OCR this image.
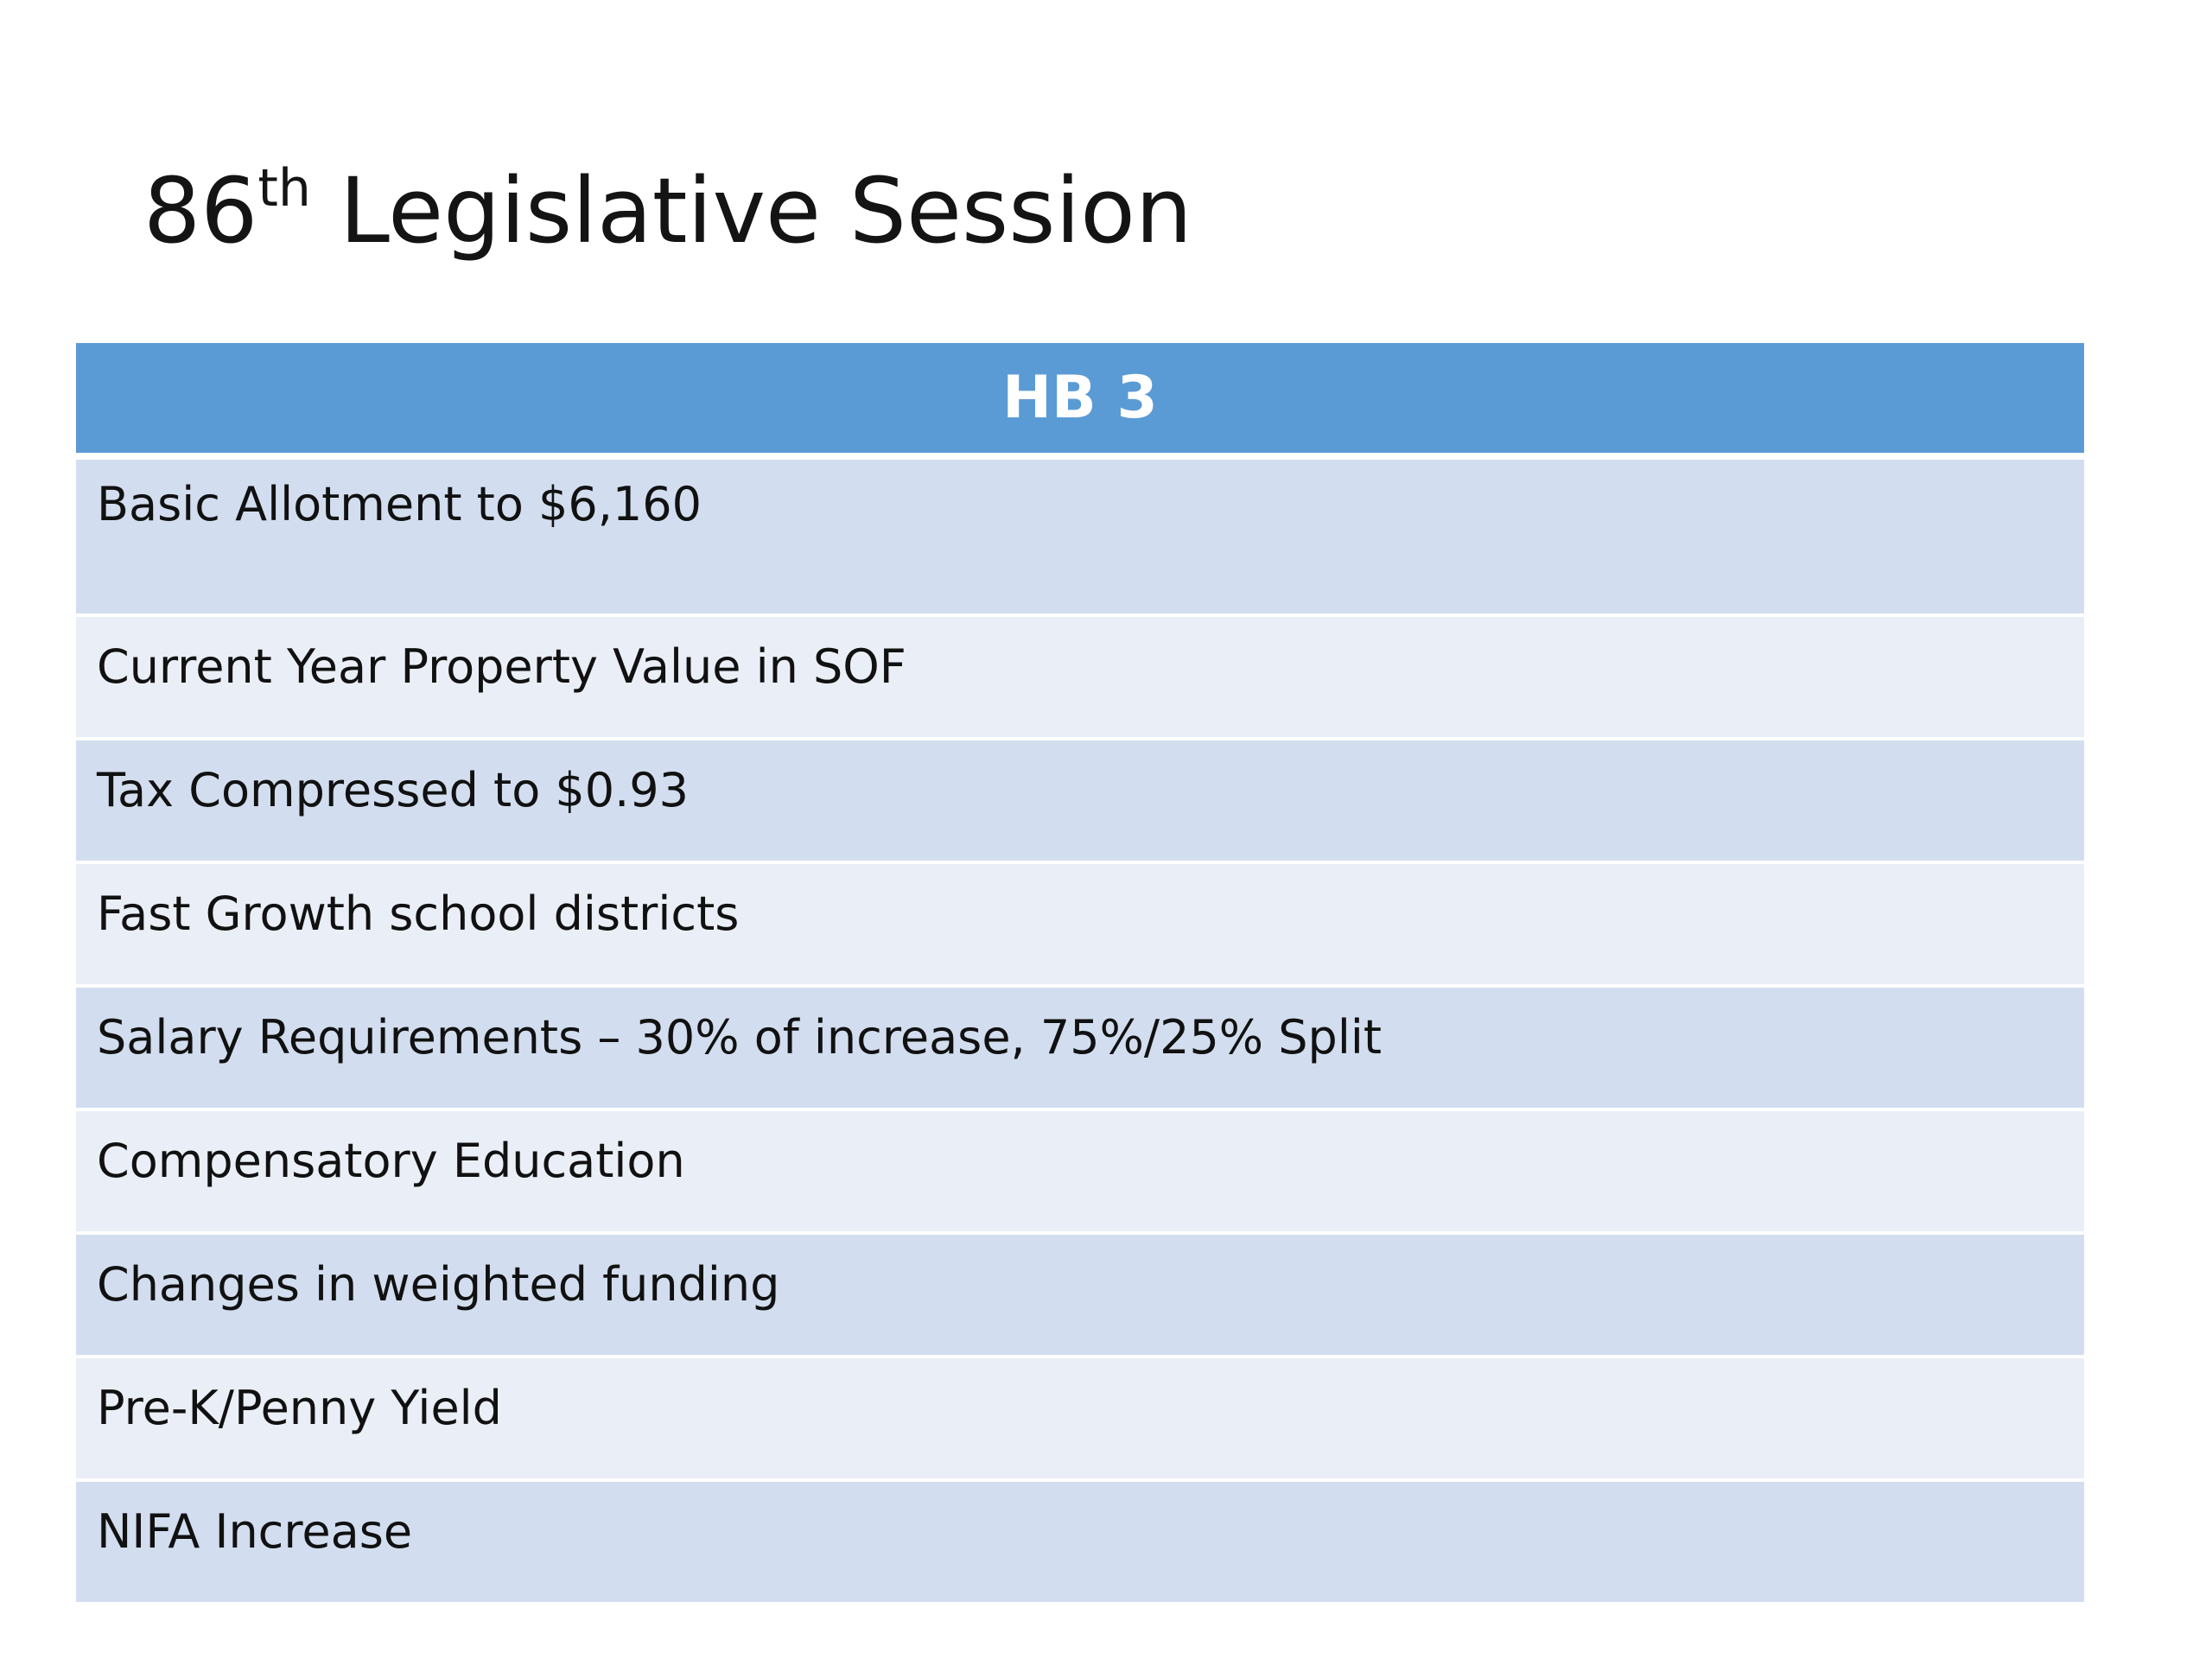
86th Legislative Session
HB 3
Basic Allotment to $6,160
Current Year Property Value in SOF
Tax Compressed to $0.93
Fast Growth school districts
Salary Requirements – 30% of increase, 75%/25% Split
Compensatory Education
Changes in weighted funding
Pre-K/Penny Yield
NIFA Increase
